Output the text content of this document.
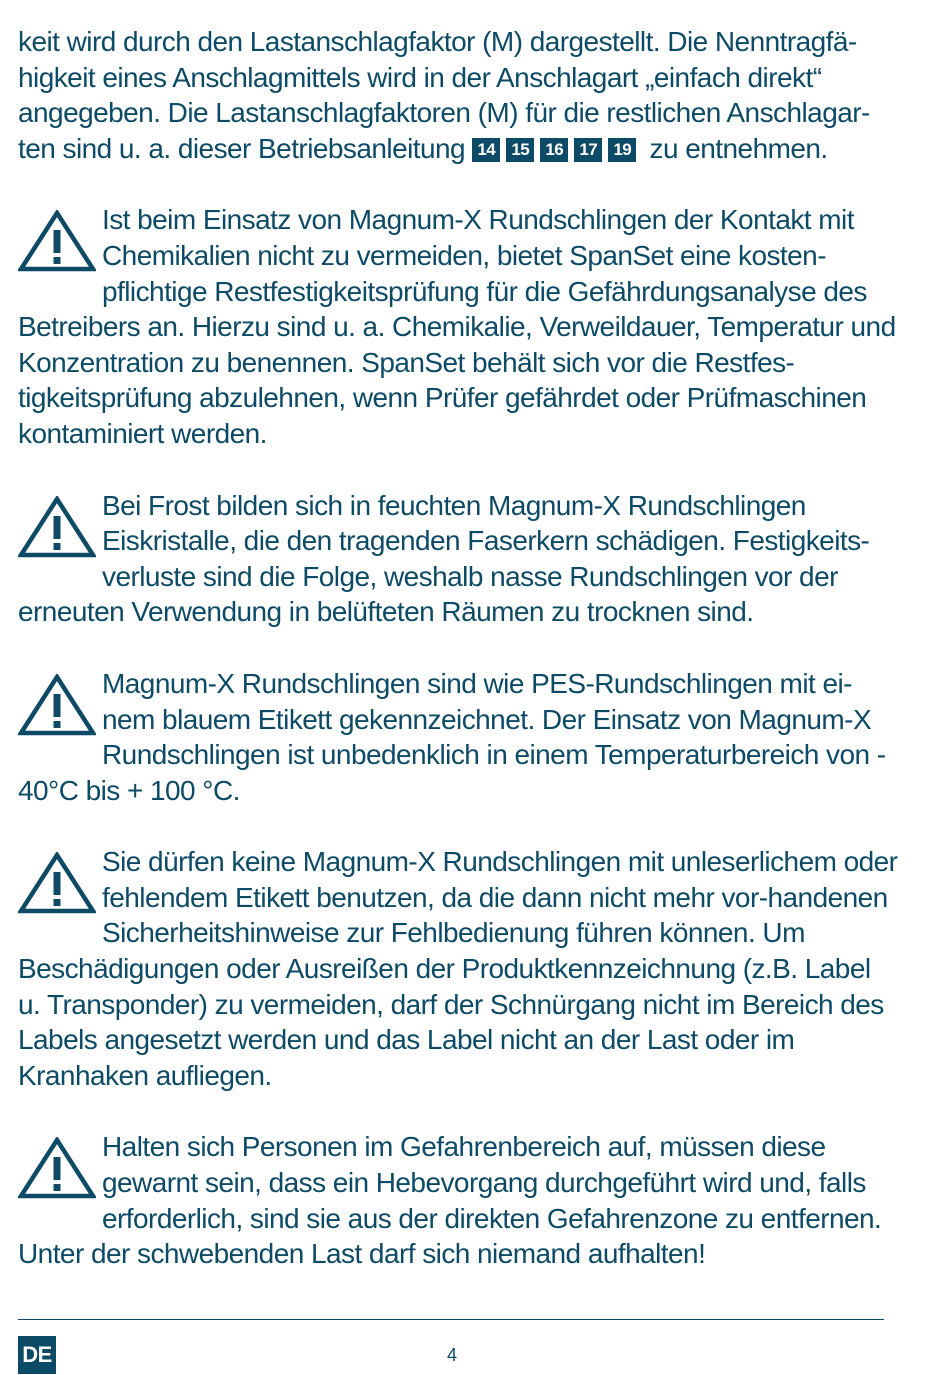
keit wird durch den Lastanschlagfaktor (M) dargestellt. Die Nenntragfä-higkeit eines Anschlagmittels wird in der Anschlagart „einfach direkt“ angegeben. Die Lastanschlagfaktoren (M) für die restlichen Anschlagar-ten sind u. a. dieser Betriebsanleitung 14 15 16 17 19 zu entnehmen.

Ist beim Einsatz von Magnum-X Rundschlingen der Kontakt mit Chemikalien nicht zu vermeiden, bietet SpanSet eine kosten-pflichtige Restfestigkeitsprüfung für die Gefährdungsanalyse des Betreibers an. Hierzu sind u. a. Chemikalie, Verweildauer, Temperatur und Konzentration zu benennen. SpanSet behält sich vor die Restfes-tigkeitsprüfung abzulehnen, wenn Prüfer gefährdet oder Prüfmaschinen kontaminiert werden.

Bei Frost bilden sich in feuchten Magnum-X Rundschlingen Eiskristalle, die den tragenden Faserkern schädigen. Festigkeits-verluste sind die Folge, weshalb nasse Rundschlingen vor der erneuten Verwendung in belüfteten Räumen zu trocknen sind.

Magnum-X Rundschlingen sind wie PES-Rundschlingen mit ei-nem blauem Etikett gekennzeichnet. Der Einsatz von Magnum-X Rundschlingen ist unbedenklich in einem Temperaturbereich von - 40°C bis + 100 °C.

Sie dürfen keine Magnum-X Rundschlingen mit unleserlichem oder fehlendem Etikett benutzen, da die dann nicht mehr vor-handenen Sicherheitshinweise zur Fehlbedienung führen können. Um Beschädigungen oder Ausreißen der Produktkennzeichnung (z.B. Label u. Transponder) zu vermeiden, darf der Schnürgang nicht im Bereich des Labels angesetzt werden und das Label nicht an der Last oder im Kranhaken aufliegen.

Halten sich Personen im Gefahrenbereich auf, müssen diese gewarnt sein, dass ein Hebevorgang durchgeführt wird und, falls erforderlich, sind sie aus der direkten Gefahrenzone zu entfernen. Unter der schwebenden Last darf sich niemand aufhalten!

DE	4
